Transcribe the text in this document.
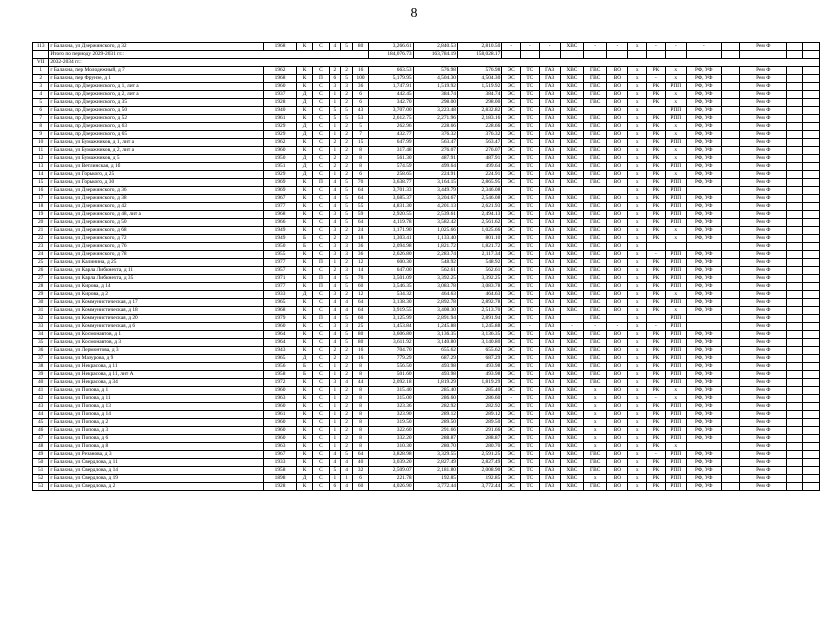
8
113	г Балахна, ул Дзержинского, д 32	1968	К	С	4	5	80	3,266.61	2,840.53	2,810.50	-	-	-	ХВС	-	-	х	-	-	-		Рем Ф		
	Итого по периоду 2029-2031 гг.:							184,076.73	163,784.19	158,028.17														
VII	2032-2034 гг.:																							
1	г Балахна, пер Молодежный, д 7	1962	К	С	2	2	16	663.53	576.98	576.98	ЭС	ТС	ГАЗ	ХВС	ГВС	ВО	х	РК	х	РФ, УФ		Рем Ф		
2	г Балахна, пер Фрунзе, д 1	1968	К	П	6	5	100	5,179.95	4,504.30	4,504.30	ЭС	ТС	ГАЗ	ХВС	ГВС	ВО	х	-	х	РФ, УФ		Рем Ф		
3	г Балахна, пр Дзержинского, д 1, лит а	1960	К	С	3	3	36	1,747.91	1,519.92	1,519.92	ЭС	ТС	ГАЗ	ХВС	ГВС	ВО	х	РК	РПП	РФ, УФ		Рем Ф		
4	г Балахна, пр Дзержинского, д 2, лит а	1937	Д	С	1	2	6	442.45	384.74	384.74	ЭС	ТС	ГАЗ	ХВС	ГВС	ВО	х	РК	х	РФ, УФ		Рем Ф		
5	г Балахна, пр Дзержинского, д 35	1928	Д	С	1	2	6	342.70	298.00	298.00	ЭС	ТС	ГАЗ	ХВС	ГВС	ВО	х	РК	х	РФ, УФ		Рем Ф		
6	г Балахна, пр Дзержинского, д 50	1940	К	С	5	5	43	3,707.00	3,223.48	2,832.82	ЭС	ТС	ГАЗ	ХВС		ВО	х		РПП	РФ, УФ		Рем Ф		
7	г Балахна, пр Дзержинского, д 52	1961	К	С	5	5	53	2,612.75	2,271.96	2,183.16	ЭС	ТС	ГАЗ	ХВС	ГВС	ВО	х	РК	РПП	РФ, УФ		Рем Ф		
8	г Балахна, пр Дзержинского, д 63	1929	Д	С	1	2	5	262.96	228.66	228.66	ЭС	ТС	ГАЗ	ХВС	ГВС	ВО	х	РК	х	РФ, УФ		Рем Ф		
9	г Балахна, пр Дзержинского, д 65	1929	Д	С	1	2	7	432.77	376.32	376.32	ЭС	ТС	ГАЗ	ХВС	ГВС	ВО	х	РК	х	РФ, УФ		Рем Ф		
10	г Балахна, ул Бумажников, д 1, лит а	1962	К	С	2	2	15	647.99	563.47	563.47	ЭС	ТС	ГАЗ	ХВС	ГВС	ВО	х	РК	РПП	РФ, УФ		Рем Ф		
11	г Балахна, ул Бумажников, д 2, лит а	1960	К	С	1	2	8	317.48	276.07	276.07	ЭС	ТС	ГАЗ	ХВС	ГВС	ВО	х	РК	х	РФ, УФ		Рем Ф		
12	г Балахна, ул Бумажников, д 5	1950	Д	С	2	2	8	561.30	487.91	487.91	ЭС	ТС	ГАЗ	ХВС	ГВС	ВО	х	РК	х	РФ, УФ		Рем Ф		
13	г Балахна, ул Ветлинская, д 1б	1951	Д	С	2	2	8	574.59	499.64	499.64	ЭС	ТС	ГАЗ	ХВС	ГВС	ВО	х	РК	РПП	РФ, УФ		Рем Ф		
14	г Балахна, ул Горького, д 25	1929	Д	С	1	2	6	258.65	224.91	224.91	ЭС	ТС	ГАЗ	ХВС	ГВС	ВО	х	РК	х	РФ, УФ		Рем Ф		
15	г Балахна, ул Горького, д 30	1969	К	П	4	5	70	3,638.77	3,164.15	2,865.95	ЭС	ТС	ГАЗ	ХВС	ГВС	ВО	х	РК	РПП	РФ, УФ		Рем Ф		
16	г Балахна, ул Дзержинского, д 36	1969	К	С	4	5	64	3,701.33	3,449.79	2,346.08		ТС	ГАЗ				х	РК	РПП			Рем Ф		
17	г Балахна, ул Дзержинского, д 38	1967	К	С	4	5	64	3,685.37	3,204.67	2,546.08	ЭС	ТС	ГАЗ	ХВС	ГВС	ВО	х	РК	РПП	РФ, УФ		Рем Ф		
18	г Балахна, ул Дзержинского, д 42	1977	К	С	4	5	55	4,831.30	4,201.13	2,621.93	ЭС	ТС	ГАЗ	ХВС	ГВС	ВО	х	РК	РПП	РФ, УФ		Рем Ф		
19	г Балахна, ул Дзержинского, д 48, лит а	1968	К	С	3	5	59	2,920.55	2,539.61	2,494.13	ЭС	ТС	ГАЗ	ХВС	ГВС	ВО	х	РК	РПП	РФ, УФ		Рем Ф		
20	г Балахна, ул Дзержинского, д 50	1966	К	С	4	5	64	4,119.78	3,582.42	2,561.62	ЭС	ТС	ГАЗ	ХВС	ГВС	ВО	х	РК	РПП	РФ, УФ		Рем Ф		
21	г Балахна, ул Дзержинского, д 68	1949	К	С	3	2	24	1,171.90	1,025.66	1,025.66	ЭС	ТС	ГАЗ	ХВС	ГВС	ВО	х	РК	х	РФ, УФ		Рем Ф		
22	г Балахна, ул Дзержинского, д 72	1949	Б	С	2	2	18	1,303.41	1,133.40	801.10	ЭС	ТС	ГАЗ	ХВС	ГВС	ВО	х	РК	х	РФ, УФ		Рем Ф		
23	г Балахна, ул Дзержинского, д 76	1950	Б	С	3	3	36	2,094.98	1,821.72	1,821.72	ЭС	ТС	ГАЗ	ХВС	ГВС	ВО	х					Рем Ф		
24	г Балахна, ул Дзержинского, д 78	1955	К	С	3	3	36	2,626.80	2,283.74	2,117.34	ЭС	ТС	ГАЗ	ХВС	ГВС	ВО	х	-	РПП	РФ, УФ		Рем Ф		
25	г Балахна, ул Калинина, д 25	1977	К	П	1	2	12	600.30	548.92	548.92	ЭС	ТС	ГАЗ	ХВС	ГВС	ВО	х	РК	РПП	РФ, УФ		Рем Ф		
26	г Балахна, ул Карла Либкнехта, д 11	1957	К	С	2	3	14	647.00	562.61	562.61	ЭС	ТС	ГАЗ	ХВС	ГВС	ВО	х	РК	РПП	РФ, УФ		Рем Ф		
27	г Балахна, ул Карла Либкнехта, д 35	1971	К	П	4	5	70	3,501.09	3,392.25	3,392.25	ЭС	ТС	ГАЗ	ХВС	ГВС	ВО	х	РК	РПП	РФ, УФ		Рем Ф		
28	г Балахна, ул Кирова, д 14	1977	К	П	4	5	60	3,546.35	3,083.78	3,083.78	ЭС	ТС	ГАЗ	ХВС	ГВС	ВО	х	РК	РПП	РФ, УФ		Рем Ф		
29	г Балахна, ул Кирова, д 2	1933	Д	С	3	2	12	534.32	464.63	464.63	ЭС	ТС	ГАЗ	ХВС	ГВС	ВО	х	РК	х	РФ, УФ		Рем Ф		
30	г Балахна, ул Коммунистическая, д 17	1965	К	С	4	4	64	3,138.30	2,892.78	2,892.78	ЭС	ТС	ГАЗ	ХВС	ГВС	ВО	х	РК	РПП	РФ, УФ		Рем Ф		
31	г Балахна, ул Коммунистическая, д 18	1968	К	С	4	4	64	3,919.55	3,408.30	2,513.70	ЭС	ТС	ГАЗ	ХВС	ГВС	ВО	х	РК	х	РФ, УФ		Рем Ф		
32	г Балахна, ул Коммунистическая, д 20	1979	К	П	4	5	60	3,125.99	2,891.94	2,891.94	ЭС	ТС	ГАЗ		ГВС		х		РПП			Рем Ф		
33	г Балахна, ул Коммунистическая, д 6	1960	К	С	3	3	25	1,453.84	1,245.88	1,245.88	ЭС	-	ГАЗ	-	-	-	х	-	РПП			Рем Ф		
34	г Балахна, ул Космонавтов, д 1	1964	К	С	4	5	80	3,606.80	3,136.35	3,136.35	ЭС	ТС	ГАЗ	ХВС	ГВС	ВО	х	РК	РПП	РФ, УФ		Рем Ф		
35	г Балахна, ул Космонавтов, д 3	1964	К	С	4	5	80	3,611.92	3,140.80	3,140.80	ЭС	ТС	ГАЗ	ХВС	ГВС	ВО	х	РК	РПП	РФ, УФ		Рем Ф		
36	г Балахна, ул Лермонтова, д 3	1943	К	С	2	2	16	704.70	655.62	655.62	ЭС	ТС	ГАЗ	ХВС	ГВС	ВО	х	РК	РПП	РФ, УФ		Рем Ф		
37	г Балахна, ул Мазурова, д 9	1965	Д	С	2	2	16	779.29	687.29	687.29	ЭС	ТС	ГАЗ	ХВС	ГВС	ВО	х	РК	РПП	РФ, УФ		Рем Ф		
38	г Балахна, ул Некрасова, д 11	1956	Б	С	1	2	8	556.50	493.98	493.98	ЭС	ТС	ГАЗ	ХВС	ГВС	ВО	х	РК	РПП	РФ, УФ		Рем Ф		
39	г Балахна, ул Некрасова, д 11, лит А	1958	Б	С	1	2	8	501.60	493.98	493.98	ЭС	ТС	ГАЗ	ХВС	ГВС	ВО	х	РК	РПП	РФ, УФ		Рем Ф		
40	г Балахна, ул Некрасова, д 34	1972	К	С	3	4	44	2,092.18	1,819.29	1,819.29	ЭС	ТС	ГАЗ	ХВС	ГВС	ВО	х	РК	РПП	РФ, УФ		Рем Ф		
41	г Балахна, ул Попова, д 1	1960	К	С	1	2	8	315.40	285.40	285.40	ЭС	ТС	ГАЗ	ХВС	х	ВО	х	РК	х	РФ, УФ		Рем Ф		
42	г Балахна, ул Попова, д 11	1963	К	С	1	2	8	315.00	286.60	286.60	-	ТС	ГАЗ	ХВС	х	ВО	х	-	х	РФ, УФ		Рем Ф		
43	г Балахна, ул Попова, д 13	1960	К	С	1	2	8	323.36	282.92	282.92	ЭС	ТС	ГАЗ	ХВС	х	ВО	х	РК	РПП	РФ, УФ		Рем Ф		
44	г Балахна, ул Попова, д 14	1961	К	С	1	2	8	323.90	289.12	289.12	ЭС	ТС	ГАЗ	ХВС	х	ВО	х	РК	РПП	РФ, УФ		Рем Ф		
45	г Балахна, ул Попова, д 2	1960	К	С	1	2	8	319.50	289.50	289.50	ЭС	ТС	ГАЗ	ХВС	х	ВО	х	РК	РПП	РФ, УФ		Рем Ф		
46	г Балахна, ул Попова, д 3	1960	К	С	1	2	8	322.60	291.66	291.66	ЭС	ТС	ГАЗ	ХВС	х	ВО	х	РК	РПП	РФ, УФ		Рем Ф		
47	г Балахна, ул Попова, д 6	1960	К	С	1	2	8	332.20	288.87	288.87	ЭС	ТС	ГАЗ	ХВС	х	ВО	х	РК	РПП	РФ, УФ		Рем Ф		
48	г Балахна, ул Попова, д 8	1963	К	С	1	2	8	310.30	280.70	280.70	ЭС	ТС	ГАЗ	ХВС	х	ВО	х	РК	х			Рем Ф		
49	г Балахна, ул Резанова, д 3	1967	К	С	4	5	64	3,828.98	3,329.55	2,591.25	ЭС	ТС	ГАЗ	ХВС	ГВС	ВО	х	-	РПП	РФ, УФ		Рем Ф		
50	г Балахна, ул Свердлова, д 11	1933	К	С	4	4	40	3,039.20	2,827.49	2,827.49	ЭС	ТС	ГАЗ	ХВС	ГВС	ВО	х	РК	РПП	РФ, УФ		Рем Ф		
51	г Балахна, ул Свердлова, д 14	1958	К	С	5	4	32	2,509.07	2,181.80	2,008.90	ЭС	ТС	ГАЗ	ХВС	ГВС	ВО	х	РК	РПП	РФ, УФ		Рем Ф		
52	г Балахна, ул Свердлова, д 19	1898	Д	С	1	1	6	221.78	192.85	192.85	ЭС	ТС	ГАЗ	ХВС	х	ВО	х	РК	РПП	РФ, УФ		Рем Ф		
53	г Балахна, ул Свердлова, д 2	1928	К	С	6	4	60	4,026.90	3,772.44	3,772.44	ЭС	ТС	ГАЗ	ХВС	ГВС	ВО	х	РК	РПП	РФ, УФ		Рем Ф		
